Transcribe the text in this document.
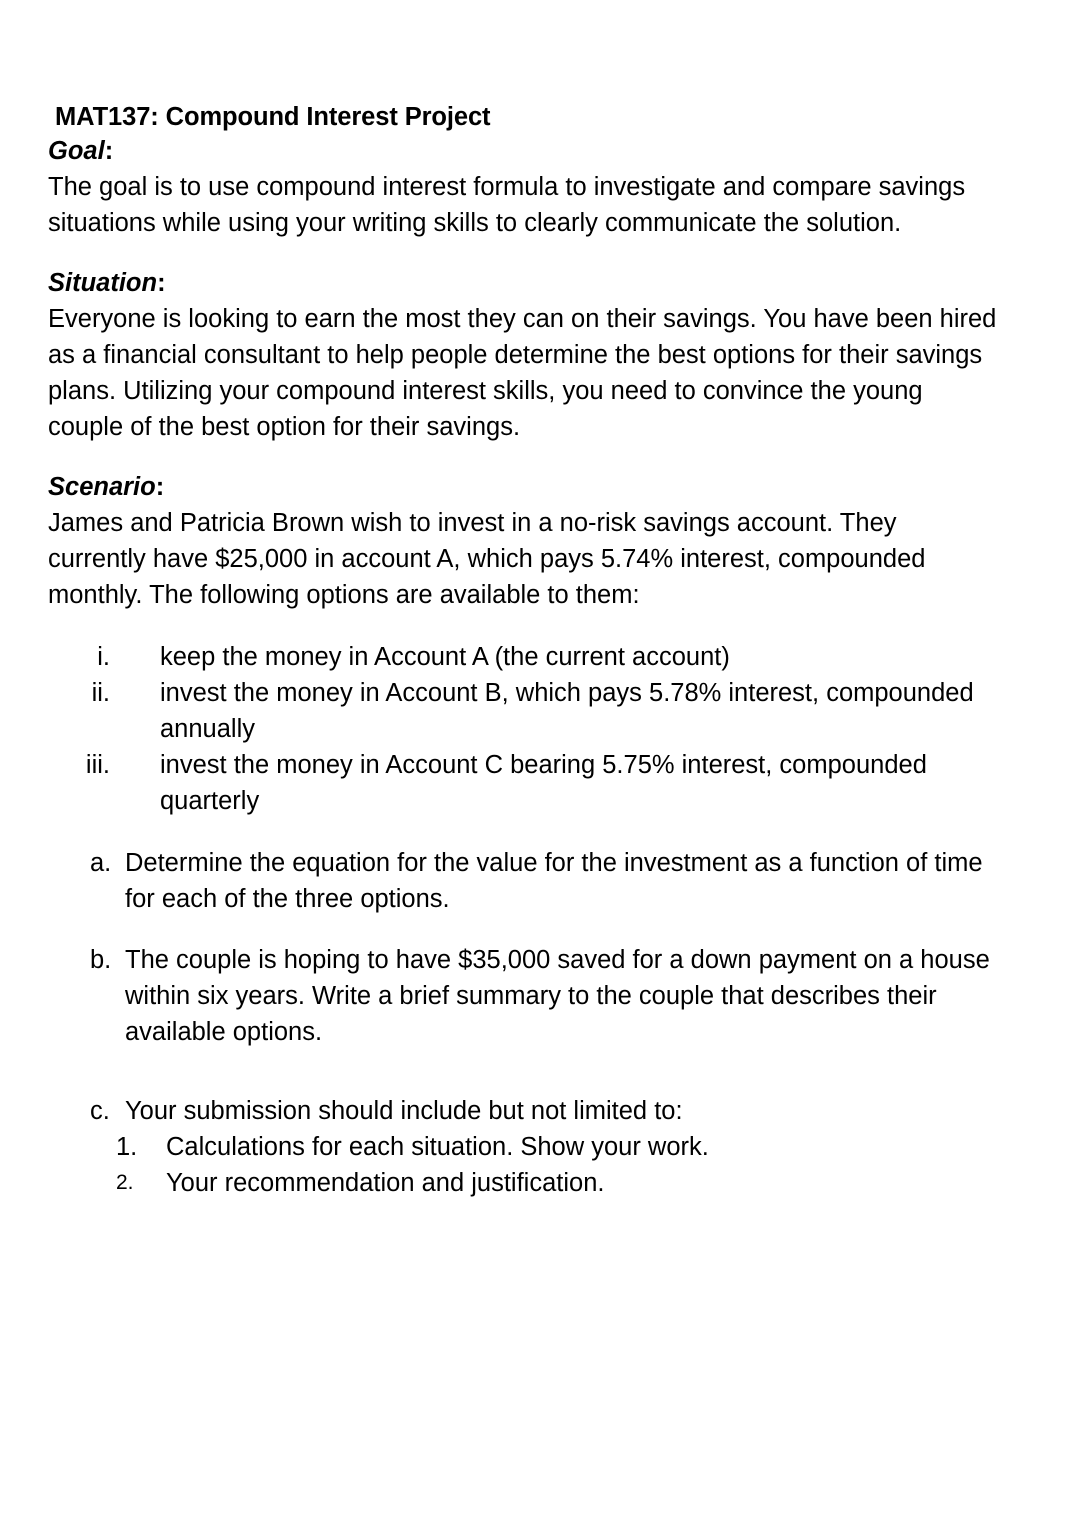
MAT137: Compound Interest Project
Goal:
The goal is to use compound interest formula to investigate and compare savings situations while using your writing skills to clearly communicate the solution.
Situation:
Everyone is looking to earn the most they can on their savings. You have been hired as a financial consultant to help people determine the best options for their savings plans. Utilizing your compound interest skills, you need to convince the young couple of the best option for their savings.
Scenario:
James and Patricia Brown wish to invest in a no-risk savings account. They currently have $25,000 in account A, which pays 5.74% interest, compounded monthly. The following options are available to them:
i. keep the money in Account A (the current account)
ii. invest the money in Account B, which pays 5.78% interest, compounded annually
iii. invest the money in Account C bearing 5.75% interest, compounded quarterly
a. Determine the equation for the value for the investment as a function of time for each of the three options.
b. The couple is hoping to have $35,000 saved for a down payment on a house within six years. Write a brief summary to the couple that describes their available options.
c. Your submission should include but not limited to:
1.	Calculations for each situation. Show your work.
2.	Your recommendation and justification.
